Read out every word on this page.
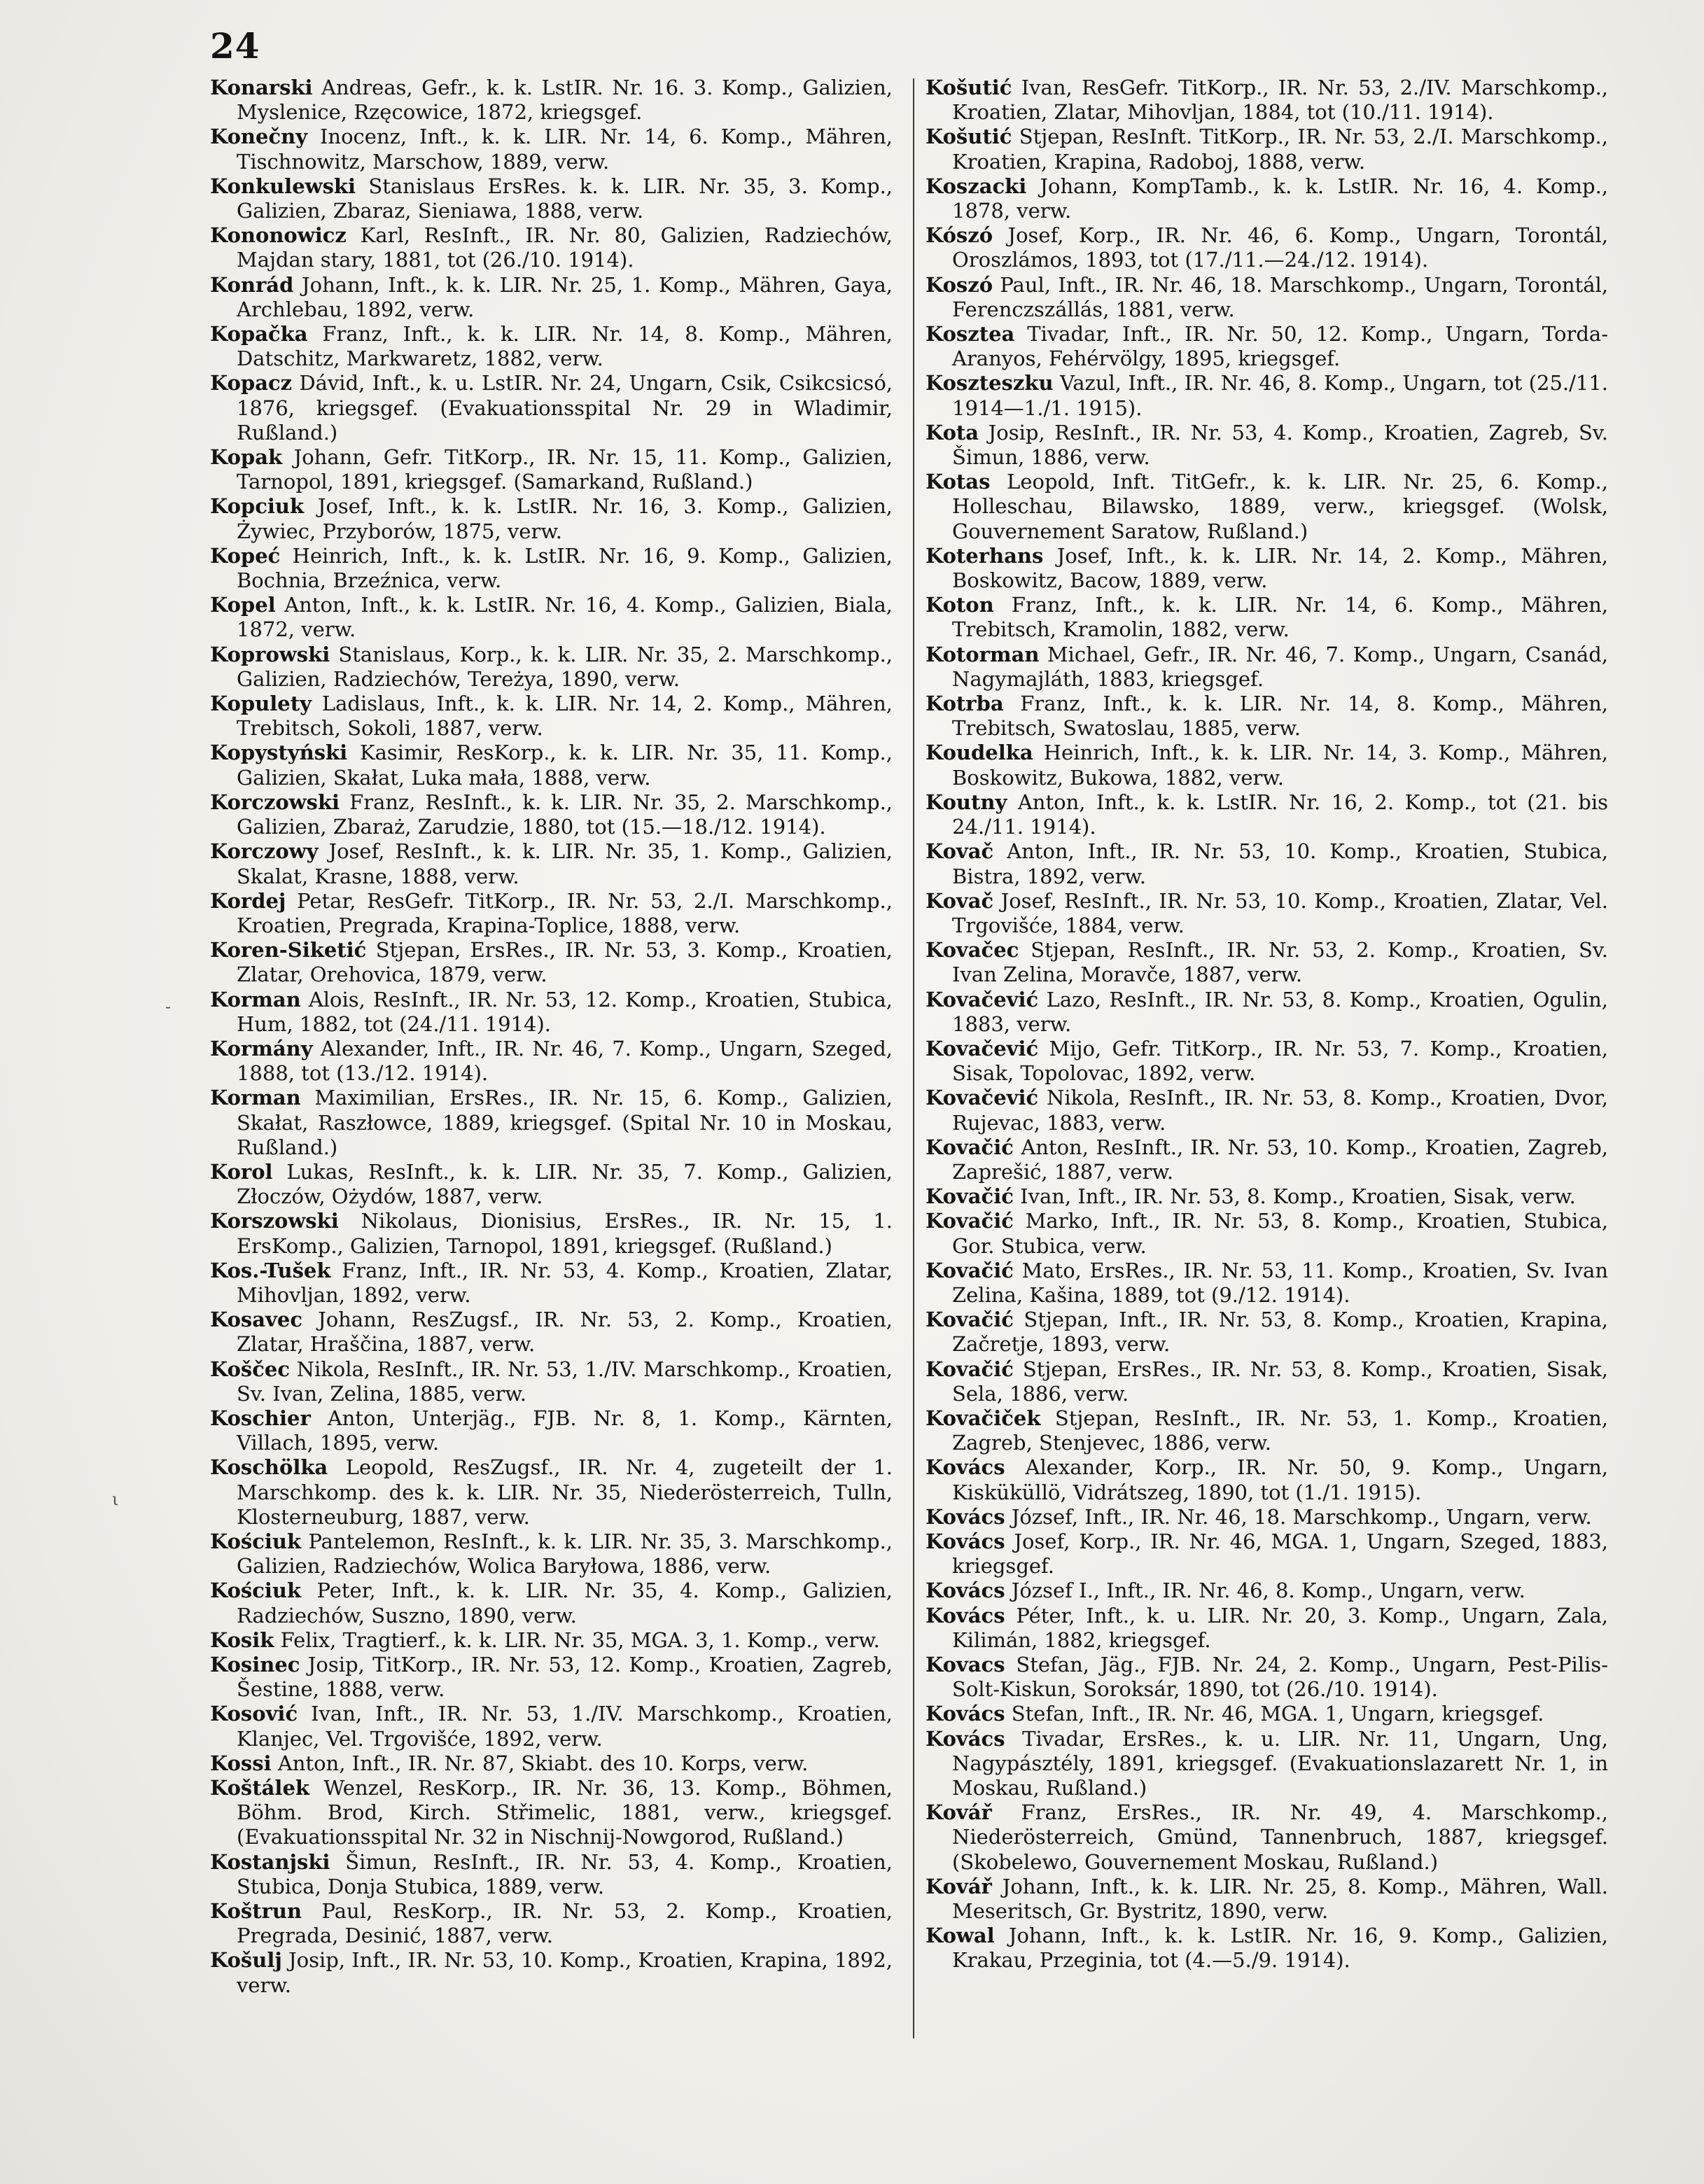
24

Konarski Andreas, Gefr., k. k. LstIR. Nr. 16. 3. Komp., Galizien, Myslenice, Rzęcowice, 1872, kriegsgef.

Konečny Inocenz, Inft., k. k. LIR. Nr. 14, 6. Komp., Mähren, Tischnowitz, Marschow, 1889, verw.

Konkulewski Stanislaus ErsRes. k. k. LIR. Nr. 35, 3. Komp., Galizien, Zbaraz, Sieniawa, 1888, verw.

Kononowicz Karl, ResInft., IR. Nr. 80, Galizien, Radziechów, Majdan stary, 1881, tot (26./10. 1914).

Konrád Johann, Inft., k. k. LIR. Nr. 25, 1. Komp., Mähren, Gaya, Archlebau, 1892, verw.

Kopačka Franz, Inft., k. k. LIR. Nr. 14, 8. Komp., Mähren, Datschitz, Markwaretz, 1882, verw.

Kopacz Dávid, Inft., k. u. LstIR. Nr. 24, Ungarn, Csik, Csikcsicsó, 1876, kriegsgef. (Evakuationsspital Nr. 29 in Wladimir, Rußland.)

Kopak Johann, Gefr. TitKorp., IR. Nr. 15, 11. Komp., Galizien, Tarnopol, 1891, kriegsgef. (Samarkand, Rußland.)

Kopciuk Josef, Inft., k. k. LstIR. Nr. 16, 3. Komp., Galizien, Żywiec, Przyborów, 1875, verw.

Kopeć Heinrich, Inft., k. k. LstIR. Nr. 16, 9. Komp., Galizien, Bochnia, Brzeźnica, verw.

Kopel Anton, Inft., k. k. LstIR. Nr. 16, 4. Komp., Galizien, Biala, 1872, verw.

Koprowski Stanislaus, Korp., k. k. LIR. Nr. 35, 2. Marschkomp., Galizien, Radziechów, Tereżya, 1890, verw.

Kopulety Ladislaus, Inft., k. k. LIR. Nr. 14, 2. Komp., Mähren, Trebitsch, Sokoli, 1887, verw.

Kopystyński Kasimir, ResKorp., k. k. LIR. Nr. 35, 11. Komp., Galizien, Skałat, Luka mała, 1888, verw.

Korczowski Franz, ResInft., k. k. LIR. Nr. 35, 2. Marschkomp., Galizien, Zbaraż, Zarudzie, 1880, tot (15.—18./12. 1914).

Korczowy Josef, ResInft., k. k. LIR. Nr. 35, 1. Komp., Galizien, Skalat, Krasne, 1888, verw.

Kordej Petar, ResGefr. TitKorp., IR. Nr. 53, 2./I. Marschkomp., Kroatien, Pregrada, Krapina-Toplice, 1888, verw.

Koren-Siketić Stjepan, ErsRes., IR. Nr. 53, 3. Komp., Kroatien, Zlatar, Orehovica, 1879, verw.

Korman Alois, ResInft., IR. Nr. 53, 12. Komp., Kroatien, Stubica, Hum, 1882, tot (24./11. 1914).

Kormány Alexander, Inft., IR. Nr. 46, 7. Komp., Ungarn, Szeged, 1888, tot (13./12. 1914).

Korman Maximilian, ErsRes., IR. Nr. 15, 6. Komp., Galizien, Skałat, Raszłowce, 1889, kriegsgef. (Spital Nr. 10 in Moskau, Rußland.)

Korol Lukas, ResInft., k. k. LIR. Nr. 35, 7. Komp., Galizien, Złoczów, Ożydów, 1887, verw.

Korszowski Nikolaus, Dionisius, ErsRes., IR. Nr. 15, 1. ErsKomp., Galizien, Tarnopol, 1891, kriegsgef. (Rußland.)

Kos.-Tušek Franz, Inft., IR. Nr. 53, 4. Komp., Kroatien, Zlatar, Mihovljan, 1892, verw.

Kosavec Johann, ResZugsf., IR. Nr. 53, 2. Komp., Kroatien, Zlatar, Hraščina, 1887, verw.

Koščec Nikola, ResInft., IR. Nr. 53, 1./IV. Marschkomp., Kroatien, Sv. Ivan, Zelina, 1885, verw.

Koschier Anton, Unterjäg., FJB. Nr. 8, 1. Komp., Kärnten, Villach, 1895, verw.

Koschölka Leopold, ResZugsf., IR. Nr. 4, zugeteilt der 1. Marschkomp. des k. k. LIR. Nr. 35, Niederösterreich, Tulln, Klosterneuburg, 1887, verw.

Kościuk Pantelemon, ResInft., k. k. LIR. Nr. 35, 3. Marschkomp., Galizien, Radziechów, Wolica Baryłowa, 1886, verw.

Kościuk Peter, Inft., k. k. LIR. Nr. 35, 4. Komp., Galizien, Radziechów, Suszno, 1890, verw.

Kosik Felix, Tragtierf., k. k. LIR. Nr. 35, MGA. 3, 1. Komp., verw.

Kosinec Josip, TitKorp., IR. Nr. 53, 12. Komp., Kroatien, Zagreb, Šestine, 1888, verw.

Kosović Ivan, Inft., IR. Nr. 53, 1./IV. Marschkomp., Kroatien, Klanjec, Vel. Trgovišće, 1892, verw.

Kossi Anton, Inft., IR. Nr. 87, Skiabt. des 10. Korps, verw.

Koštálek Wenzel, ResKorp., IR. Nr. 36, 13. Komp., Böhmen, Böhm. Brod, Kirch. Střimelic, 1881, verw., kriegsgef. (Evakuationsspital Nr. 32 in Nischnij-Nowgorod, Rußland.)

Kostanjski Šimun, ResInft., IR. Nr. 53, 4. Komp., Kroatien, Stubica, Donja Stubica, 1889, verw.

Koštrun Paul, ResKorp., IR. Nr. 53, 2. Komp., Kroatien, Pregrada, Desinić, 1887, verw.

Košulj Josip, Inft., IR. Nr. 53, 10. Komp., Kroatien, Krapina, 1892, verw.

Košutić Ivan, ResGefr. TitKorp., IR. Nr. 53, 2./IV. Marschkomp., Kroatien, Zlatar, Mihovljan, 1884, tot (10./11. 1914).

Košutić Stjepan, ResInft. TitKorp., IR. Nr. 53, 2./I. Marschkomp., Kroatien, Krapina, Radoboj, 1888, verw.

Koszacki Johann, KompTamb., k. k. LstIR. Nr. 16, 4. Komp., 1878, verw.

Kószó Josef, Korp., IR. Nr. 46, 6. Komp., Ungarn, Torontál, Oroszlámos, 1893, tot (17./11.—24./12. 1914).

Koszó Paul, Inft., IR. Nr. 46, 18. Marschkomp., Ungarn, Torontál, Ferenczszállás, 1881, verw.

Kosztea Tivadar, Inft., IR. Nr. 50, 12. Komp., Ungarn, Torda-Aranyos, Fehérvölgy, 1895, kriegsgef.

Koszteszku Vazul, Inft., IR. Nr. 46, 8. Komp., Ungarn, tot (25./11. 1914—1./1. 1915).

Kota Josip, ResInft., IR. Nr. 53, 4. Komp., Kroatien, Zagreb, Sv. Šimun, 1886, verw.

Kotas Leopold, Inft. TitGefr., k. k. LIR. Nr. 25, 6. Komp., Holleschau, Bilawsko, 1889, verw., kriegsgef. (Wolsk, Gouvernement Saratow, Rußland.)

Koterhans Josef, Inft., k. k. LIR. Nr. 14, 2. Komp., Mähren, Boskowitz, Bacow, 1889, verw.

Koton Franz, Inft., k. k. LIR. Nr. 14, 6. Komp., Mähren, Trebitsch, Kramolin, 1882, verw.

Kotorman Michael, Gefr., IR. Nr. 46, 7. Komp., Ungarn, Csanád, Nagymajláth, 1883, kriegsgef.

Kotrba Franz, Inft., k. k. LIR. Nr. 14, 8. Komp., Mähren, Trebitsch, Swatoslau, 1885, verw.

Koudelka Heinrich, Inft., k. k. LIR. Nr. 14, 3. Komp., Mähren, Boskowitz, Bukowa, 1882, verw.

Koutny Anton, Inft., k. k. LstIR. Nr. 16, 2. Komp., tot (21. bis 24./11. 1914).

Kovač Anton, Inft., IR. Nr. 53, 10. Komp., Kroatien, Stubica, Bistra, 1892, verw.

Kovač Josef, ResInft., IR. Nr. 53, 10. Komp., Kroatien, Zlatar, Vel. Trgovišće, 1884, verw.

Kovačec Stjepan, ResInft., IR. Nr. 53, 2. Komp., Kroatien, Sv. Ivan Zelina, Moravče, 1887, verw.

Kovačević Lazo, ResInft., IR. Nr. 53, 8. Komp., Kroatien, Ogulin, 1883, verw.

Kovačević Mijo, Gefr. TitKorp., IR. Nr. 53, 7. Komp., Kroatien, Sisak, Topolovac, 1892, verw.

Kovačević Nikola, ResInft., IR. Nr. 53, 8. Komp., Kroatien, Dvor, Rujevac, 1883, verw.

Kovačić Anton, ResInft., IR. Nr. 53, 10. Komp., Kroatien, Zagreb, Zaprešić, 1887, verw.

Kovačić Ivan, Inft., IR. Nr. 53, 8. Komp., Kroatien, Sisak, verw.

Kovačić Marko, Inft., IR. Nr. 53, 8. Komp., Kroatien, Stubica, Gor. Stubica, verw.

Kovačić Mato, ErsRes., IR. Nr. 53, 11. Komp., Kroatien, Sv. Ivan Zelina, Kašina, 1889, tot (9./12. 1914).

Kovačić Stjepan, Inft., IR. Nr. 53, 8. Komp., Kroatien, Krapina, Začretje, 1893, verw.

Kovačić Stjepan, ErsRes., IR. Nr. 53, 8. Komp., Kroatien, Sisak, Sela, 1886, verw.

Kovačiček Stjepan, ResInft., IR. Nr. 53, 1. Komp., Kroatien, Zagreb, Stenjevec, 1886, verw.

Kovács Alexander, Korp., IR. Nr. 50, 9. Komp., Ungarn, Kisküküllö, Vidrátszeg, 1890, tot (1./1. 1915).

Kovács József, Inft., IR. Nr. 46, 18. Marschkomp., Ungarn, verw.

Kovács Josef, Korp., IR. Nr. 46, MGA. 1, Ungarn, Szeged, 1883, kriegsgef.

Kovács József I., Inft., IR. Nr. 46, 8. Komp., Ungarn, verw.

Kovács Péter, Inft., k. u. LIR. Nr. 20, 3. Komp., Ungarn, Zala, Kilimán, 1882, kriegsgef.

Kovacs Stefan, Jäg., FJB. Nr. 24, 2. Komp., Ungarn, Pest-Pilis-Solt-Kiskun, Soroksár, 1890, tot (26./10. 1914).

Kovács Stefan, Inft., IR. Nr. 46, MGA. 1, Ungarn, kriegsgef.

Kovács Tivadar, ErsRes., k. u. LIR. Nr. 11, Ungarn, Ung, Nagypásztély, 1891, kriegsgef. (Evakuationslazarett Nr. 1, in Moskau, Rußland.)

Kovář Franz, ErsRes., IR. Nr. 49, 4. Marschkomp., Niederösterreich, Gmünd, Tannenbruch, 1887, kriegsgef. (Skobelewo, Gouvernement Moskau, Rußland.)

Kovář Johann, Inft., k. k. LIR. Nr. 25, 8. Komp., Mähren, Wall. Meseritsch, Gr. Bystritz, 1890, verw.

Kowal Johann, Inft., k. k. LstIR. Nr. 16, 9. Komp., Galizien, Krakau, Przeginia, tot (4.—5./9. 1914).

-
ι
